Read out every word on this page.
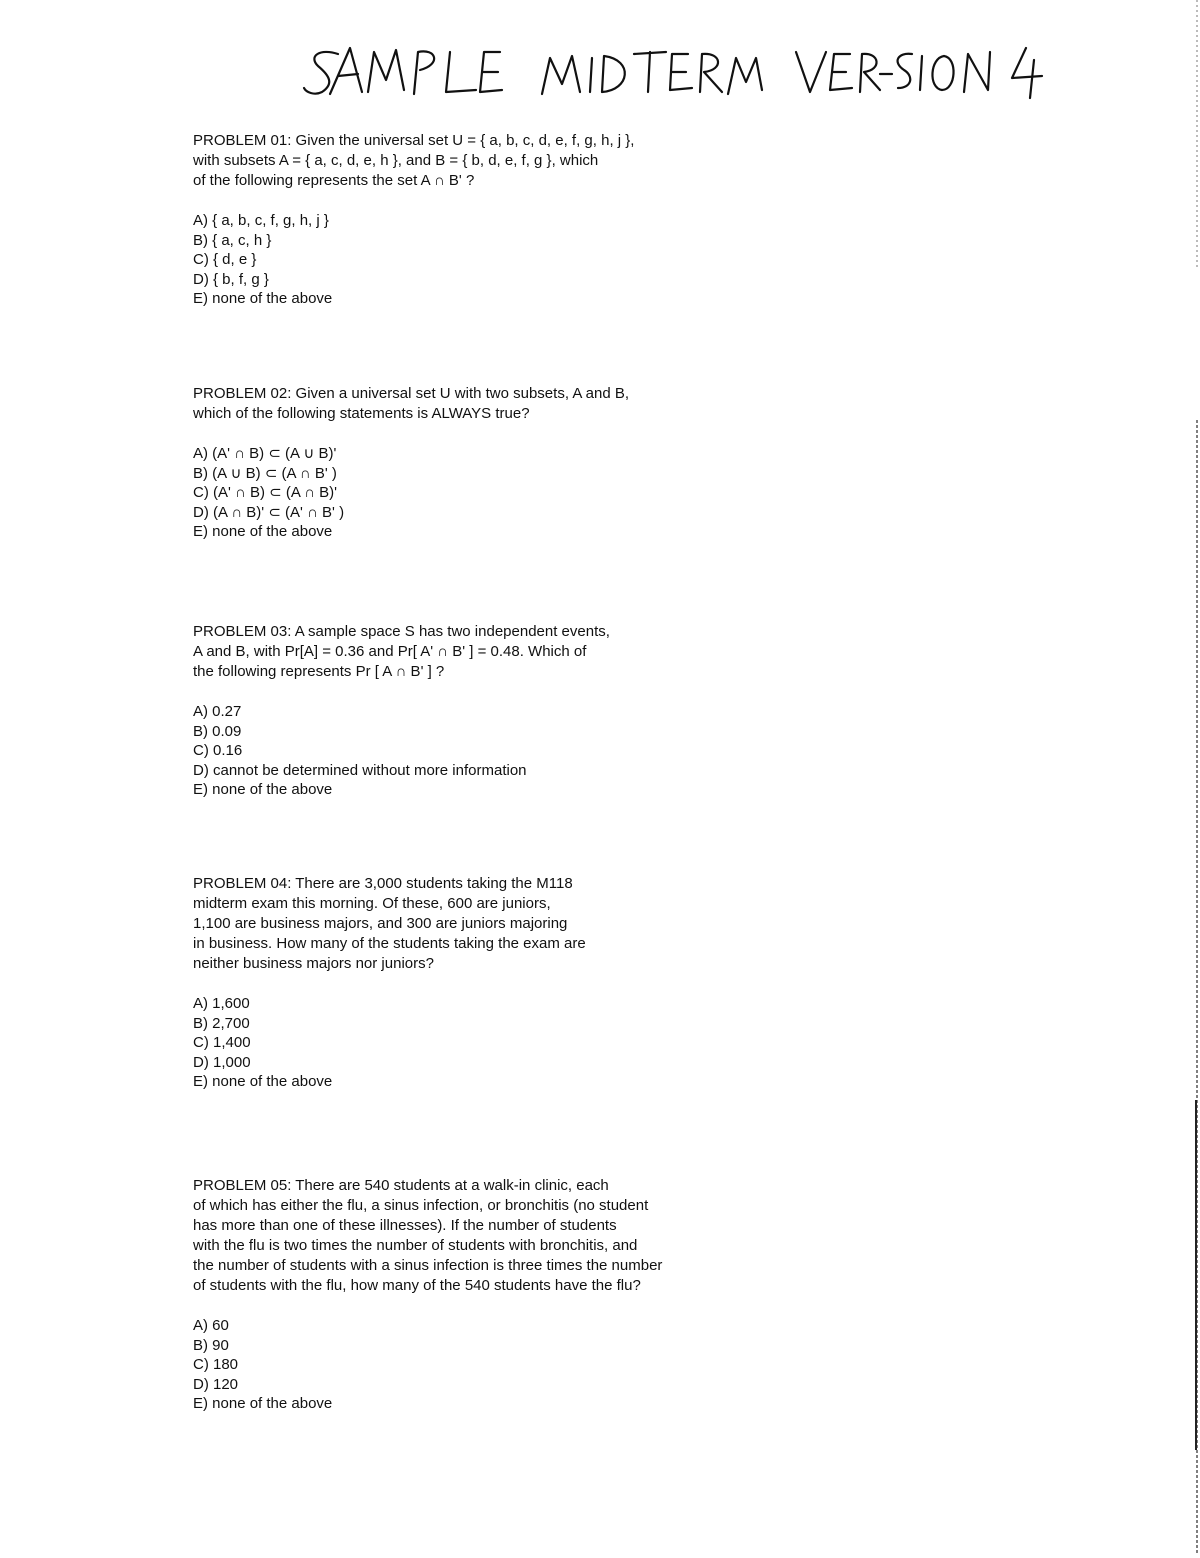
PROBLEM 01: Given the universal set U = { a, b, c, d, e, f, g, h, j },
with subsets A = { a, c, d, e, h }, and B = { b, d, e, f, g }, which
of the following represents the set A ∩ B' ?

A) { a, b, c, f, g, h, j }
B) { a, c, h }
C) { d, e }
D) { b, f, g }
E) none of the above

PROBLEM 02: Given a universal set U with two subsets, A and B,
which of the following statements is ALWAYS true?

A) (A' ∩ B) ⊂ (A ∪ B)'
B) (A ∪ B) ⊂ (A ∩ B' )
C) (A' ∩ B) ⊂ (A ∩ B)'
D) (A ∩ B)' ⊂ (A' ∩ B' )
E) none of the above

PROBLEM 03: A sample space S has two independent events,
A and B, with Pr[A] = 0.36 and Pr[ A' ∩ B' ] = 0.48. Which of
the following represents Pr [ A ∩ B' ] ?

A) 0.27
B) 0.09
C) 0.16
D) cannot be determined without more information
E) none of the above

PROBLEM 04: There are 3,000 students taking the M118
midterm exam this morning. Of these, 600 are juniors,
1,100 are business majors, and 300 are juniors majoring
in business. How many of the students taking the exam are
neither business majors nor juniors?

A) 1,600
B) 2,700
C) 1,400
D) 1,000
E) none of the above

PROBLEM 05: There are 540 students at a walk-in clinic, each
of which has either the flu, a sinus infection, or bronchitis (no student
has more than one of these illnesses). If the number of students
with the flu is two times the number of students with bronchitis, and
the number of students with a sinus infection is three times the number
of students with the flu, how many of the 540 students have the flu?

A) 60
B) 90
C) 180
D) 120
E) none of the above
